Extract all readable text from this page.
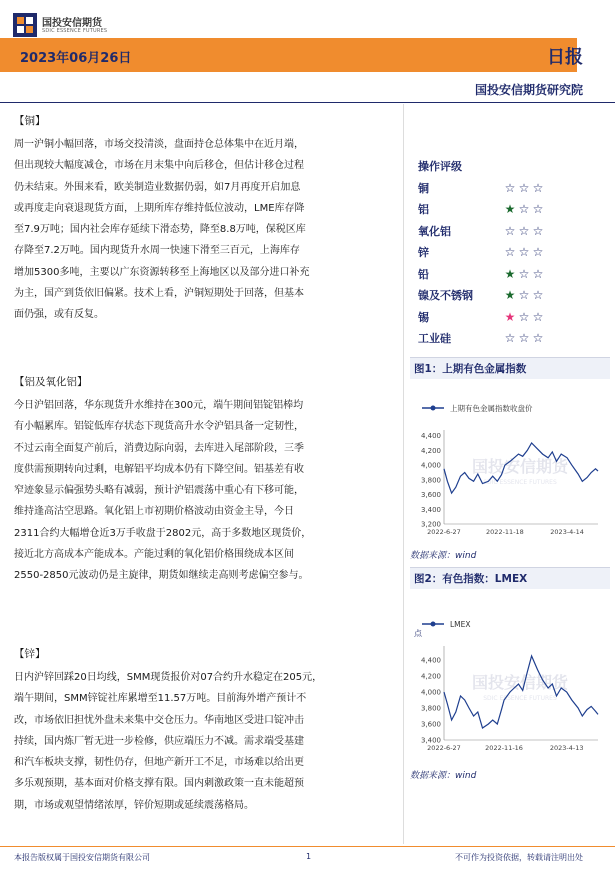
国投安信期货
SDIC ESSENCE FUTURES
2023年06月26日	日报
国投安信期货研究院
【铜】
周一沪铜小幅回落，市场交投清淡，盘面持仓总体集中在近月端，
但出现较大幅度减仓，市场在月末集中向后移仓，但估计移仓过程
仍未结束。外围来看，欧美制造业数据仍弱，如7月再度开启加息
或再度走向衰退现货方面，上期所库存维持低位波动，LME库存降
至7.9万吨；国内社会库存延续下滑态势，降至8.8万吨，保税区库
存降至7.2万吨。国内现货升水周一快速下滑至三百元，上海库存
增加5300多吨，主要以广东资源转移至上海地区以及部分进口补充
为主，国产到货依旧偏紧。技术上看，沪铜短期处于回落，但基本
面仍强，或有反复。
【铝及氧化铝】
今日沪铝回落，华东现货升水维持在300元，端午期间铝锭铝棒均
有小幅累库。铝锭低库存状态下现货高升水令沪铝具备一定韧性，
不过云南全面复产前后，消费边际向弱，去库进入尾部阶段，三季
度供需预期转向过剩，电解铝平均成本仍有下降空间。铝基差有收
窄迹象显示偏强势头略有减弱，预计沪铝震荡中重心有下移可能，
维持逢高沽空思路。氧化铝上市初期价格波动由资金主导，今日
2311合约大幅增仓近3万手收盘于2802元，高于多数地区现货价，
接近北方高成本产能成本。产能过剩的氧化铝价格围绕成本区间
2550-2850元波动仍是主旋律，期货如继续走高则考虑偏空参与。
【锌】
日内沪锌回踩20日均线，SMM现货报价对07合约升水稳定在205元，
端午期间，SMM锌锭社库累增至11.57万吨。目前海外增产预计不
改，市场依旧担忧外盘未来集中交仓压力。华南地区受进口锭冲击
持续，国内炼厂暂无进一步检修，供应端压力不减。需求端受基建
和汽车板块支撑，韧性仍存，但地产新开工不足，市场难以给出更
多乐观预期，基本面对价格支撑有限。国内刺激政策一直未能超预
期，市场或观望情绪浓厚，锌价短期或延续震荡格局。
操作评级
铜	☆ ☆ ☆
铝	★ ☆ ☆
氧化铝	☆ ☆ ☆
锌	☆ ☆ ☆
铅	★ ☆ ☆
镍及不锈钢	★ ☆ ☆
锡	★ ☆ ☆
工业硅	☆ ☆ ☆
图1：上期有色金属指数
国投安信期货
SDIC ESSENCE FUTURES
上期有色金属指数收盘价
3,200
3,400
3,600
3,800
4,000
4,200
4,400
2022-6-27	2022-11-18	2023-4-14
数据来源：wind
图2：有色指数：LMEX
国投安信期货
SDIC ESSENCE FUTURES
LMEX
点
3,400
3,600
3,800
4,000
4,200
4,400
2022-6-27	2022-11-16	2023-4-13
数据来源：wind
本报告版权属于国投安信期货有限公司	1	不可作为投资依据，转载请注明出处
